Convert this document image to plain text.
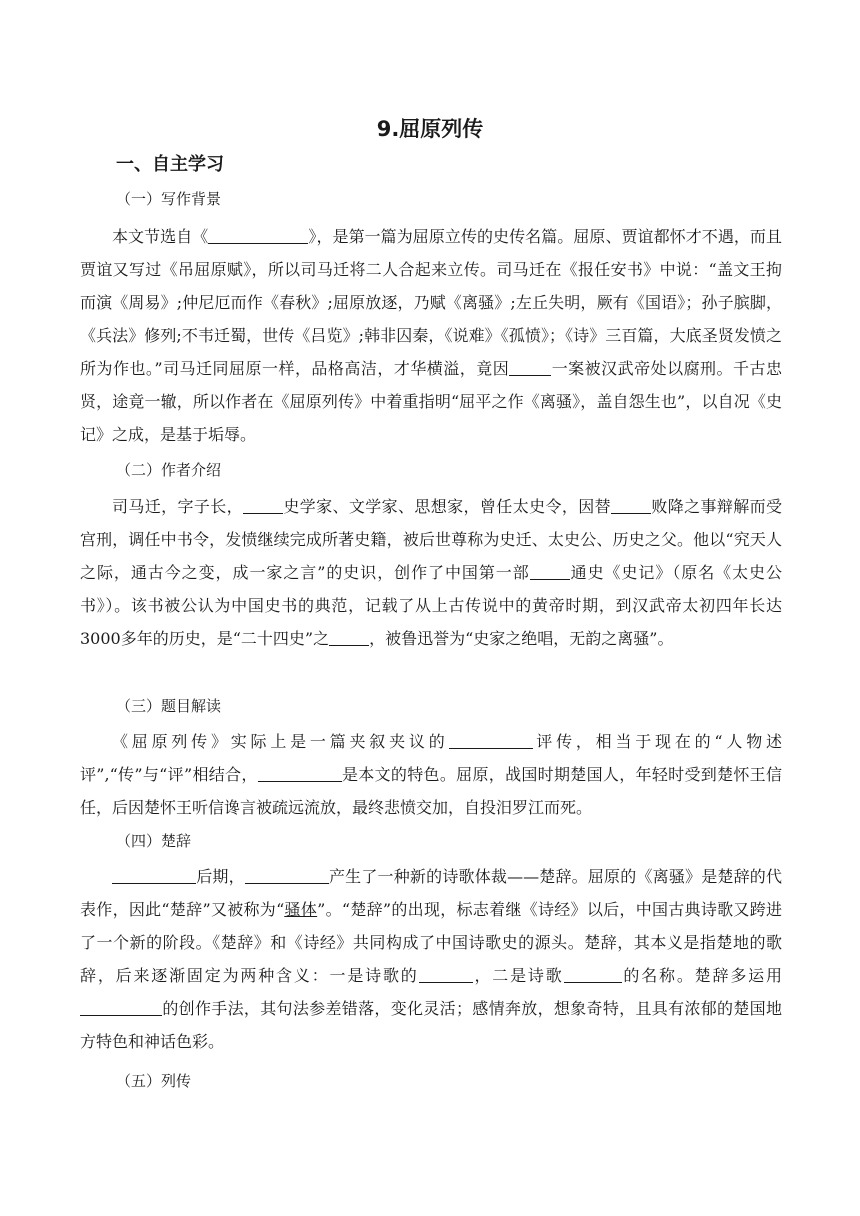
9.屈原列传
一、自主学习
（一）写作背景

本文节选自《	》，是第一篇为屈原立传的史传名篇。屈原、贾谊都怀才不遇，而且贾谊又写过《吊屈原赋》，所以司马迁将二人合起来立传。司马迁在《报任安书》中说：“盖文王拘而演《周易》;仲尼厄而作《春秋》;屈原放逐，乃赋《离骚》;左丘失明，厥有《国语》；孙子膑脚，《兵法》修列;不韦迁蜀，世传《吕览》;韩非囚秦，《说难》《孤愤》；《诗》三百篇，大底圣贤发愤之所为作也。”司马迁同屈原一样，品格高洁，才华横溢，竟因	一案被汉武帝处以腐刑。千古忠贤，途竟一辙，所以作者在《屈原列传》中着重指明“屈平之作《离骚》，盖自怨生也”，以自况《史记》之成，是基于垢辱。

（二）作者介绍

司马迁，字子长，	史学家、文学家、思想家，曾任太史令，因替	败降之事辩解而受宫刑，调任中书令，发愤继续完成所著史籍，被后世尊称为史迁、太史公、历史之父。他以“究天人之际，通古今之变，成一家之言”的史识，创作了中国第一部	通史《史记》（原名《太史公书》）。该书被公认为中国史书的典范，记载了从上古传说中的黄帝时期，到汉武帝太初四年长达3000多年的历史，是“二十四史”之	，被鲁迅誉为“史家之绝唱，无韵之离骚”。

（三）题目解读

《屈原列传》实际上是一篇夹叙夹议的	评传，相当于现在的“人物述评”,“传”与“评”相结合，	是本文的特色。屈原，战国时期楚国人，年轻时受到楚怀王信任，后因楚怀王听信谗言被疏远流放，最终悲愤交加，自投汨罗江而死。

（四）楚辞

后期，	产生了一种新的诗歌体裁——楚辞。屈原的《离骚》是楚辞的代表作，因此“楚辞”又被称为“骚体”。“楚辞”的出现，标志着继《诗经》以后，中国古典诗歌又跨进了一个新的阶段。《楚辞》和《诗经》共同构成了中国诗歌史的源头。楚辞，其本义是指楚地的歌辞，后来逐渐固定为两种含义：一是诗歌的	，二是诗歌	的名称。楚辞多运用的创作手法，其句法参差错落，变化灵活；感情奔放，想象奇特，且具有浓郁的楚国地方特色和神话色彩。

（五）列传
